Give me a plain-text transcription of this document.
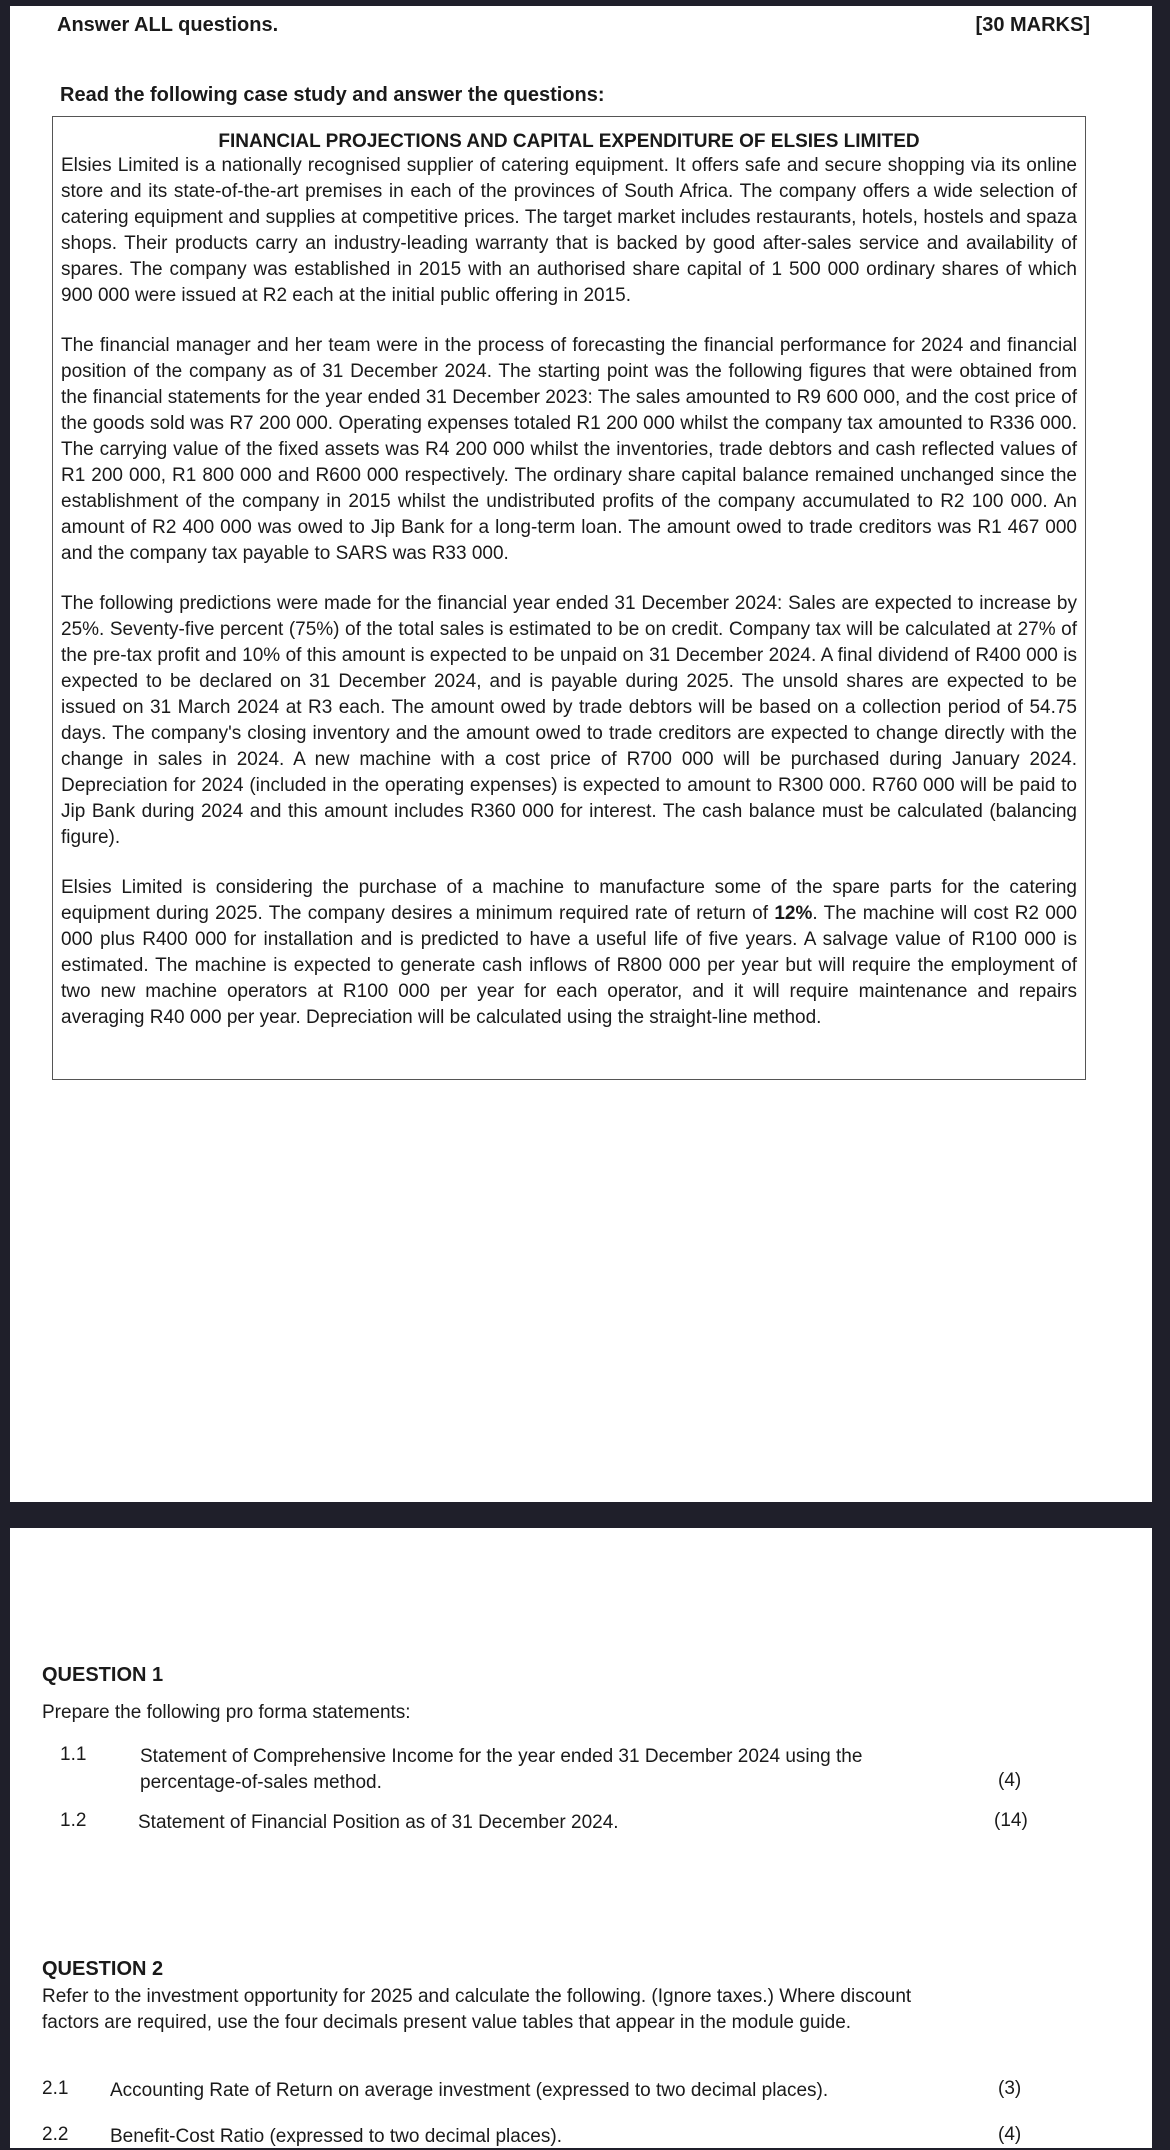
Answer ALL questions.	[30 MARKS]
Read the following case study and answer the questions:
FINANCIAL PROJECTIONS AND CAPITAL EXPENDITURE OF ELSIES LIMITED

Elsies Limited is a nationally recognised supplier of catering equipment. It offers safe and secure shopping via its online store and its state-of-the-art premises in each of the provinces of South Africa. The company offers a wide selection of catering equipment and supplies at competitive prices. The target market includes restaurants, hotels, hostels and spaza shops. Their products carry an industry-leading warranty that is backed by good after-sales service and availability of spares. The company was established in 2015 with an authorised share capital of 1 500 000 ordinary shares of which 900 000 were issued at R2 each at the initial public offering in 2015.

The financial manager and her team were in the process of forecasting the financial performance for 2024 and financial position of the company as of 31 December 2024. The starting point was the following figures that were obtained from the financial statements for the year ended 31 December 2023: The sales amounted to R9 600 000, and the cost price of the goods sold was R7 200 000. Operating expenses totaled R1 200 000 whilst the company tax amounted to R336 000. The carrying value of the fixed assets was R4 200 000 whilst the inventories, trade debtors and cash reflected values of R1 200 000, R1 800 000 and R600 000 respectively. The ordinary share capital balance remained unchanged since the establishment of the company in 2015 whilst the undistributed profits of the company accumulated to R2 100 000. An amount of R2 400 000 was owed to Jip Bank for a long-term loan. The amount owed to trade creditors was R1 467 000 and the company tax payable to SARS was R33 000.

The following predictions were made for the financial year ended 31 December 2024: Sales are expected to increase by 25%. Seventy-five percent (75%) of the total sales is estimated to be on credit. Company tax will be calculated at 27% of the pre-tax profit and 10% of this amount is expected to be unpaid on 31 December 2024. A final dividend of R400 000 is expected to be declared on 31 December 2024, and is payable during 2025. The unsold shares are expected to be issued on 31 March 2024 at R3 each. The amount owed by trade debtors will be based on a collection period of 54.75 days. The company's closing inventory and the amount owed to trade creditors are expected to change directly with the change in sales in 2024. A new machine with a cost price of R700 000 will be purchased during January 2024. Depreciation for 2024 (included in the operating expenses) is expected to amount to R300 000. R760 000 will be paid to Jip Bank during 2024 and this amount includes R360 000 for interest. The cash balance must be calculated (balancing figure).

Elsies Limited is considering the purchase of a machine to manufacture some of the spare parts for the catering equipment during 2025. The company desires a minimum required rate of return of 12%. The machine will cost R2 000 000 plus R400 000 for installation and is predicted to have a useful life of five years. A salvage value of R100 000 is estimated. The machine is expected to generate cash inflows of R800 000 per year but will require the employment of two new machine operators at R100 000 per year for each operator, and it will require maintenance and repairs averaging R40 000 per year. Depreciation will be calculated using the straight-line method.

QUESTION 1
Prepare the following pro forma statements:
1.1	Statement of Comprehensive Income for the year ended 31 December 2024 using the
percentage-of-sales method.	(4)
1.2	Statement of Financial Position as of 31 December 2024.	(14)
QUESTION 2
Refer to the investment opportunity for 2025 and calculate the following. (Ignore taxes.) Where discount factors are required, use the four decimals present value tables that appear in the module guide.
2.1 Accounting Rate of Return on average investment (expressed to two decimal places).	(3)
2.2 Benefit-Cost Ratio (expressed to two decimal places).	(4)
